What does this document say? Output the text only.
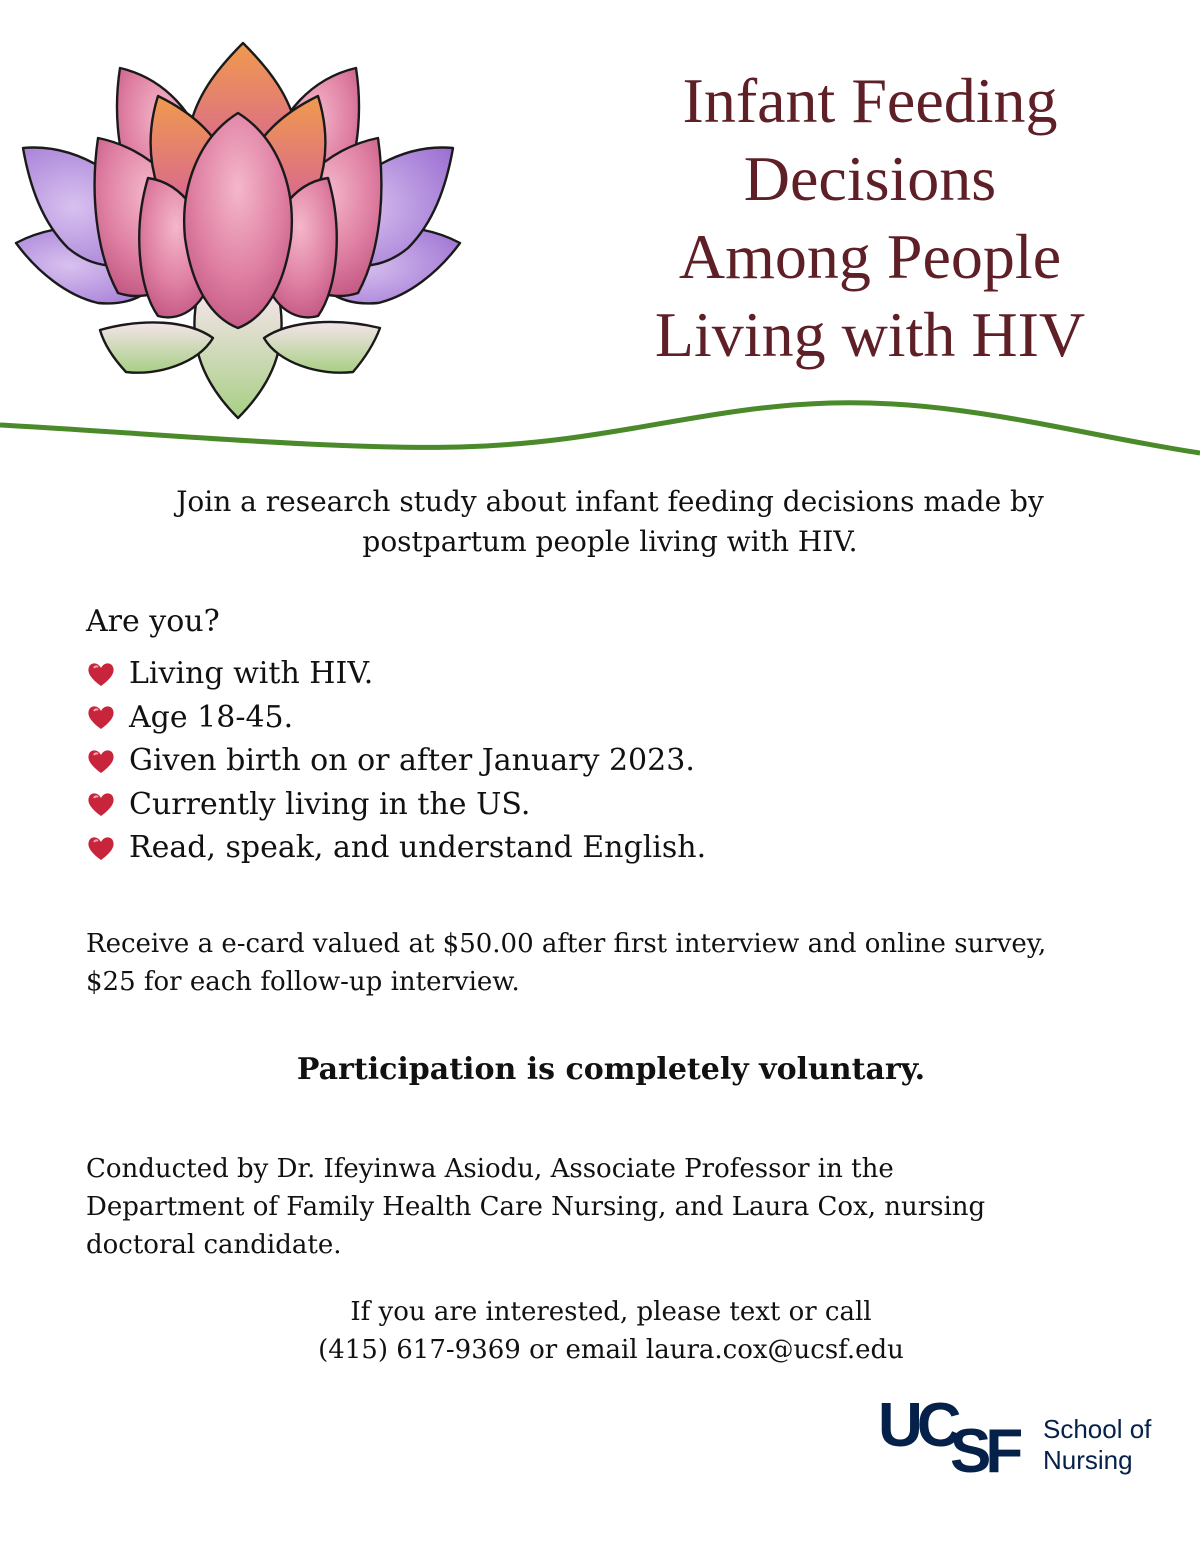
Infant Feeding
Decisions
Among People
Living with HIV
Join a research study about infant feeding decisions made by
postpartum people living with HIV.
Are you?
Living with HIV.
Age 18-45.
Given birth on or after January 2023.
Currently living in the US.
Read, speak, and understand English.
Receive a e-card valued at $50.00 after first interview and online survey,
$25 for each follow-up interview.
Participation is completely voluntary.
Conducted by Dr. Ifeyinwa Asiodu, Associate Professor in the
Department of Family Health Care Nursing, and Laura Cox, nursing
doctoral candidate.
If you are interested, please text or call
(415) 617-9369 or email laura.cox@ucsf.edu
UC
SF School of
Nursing
